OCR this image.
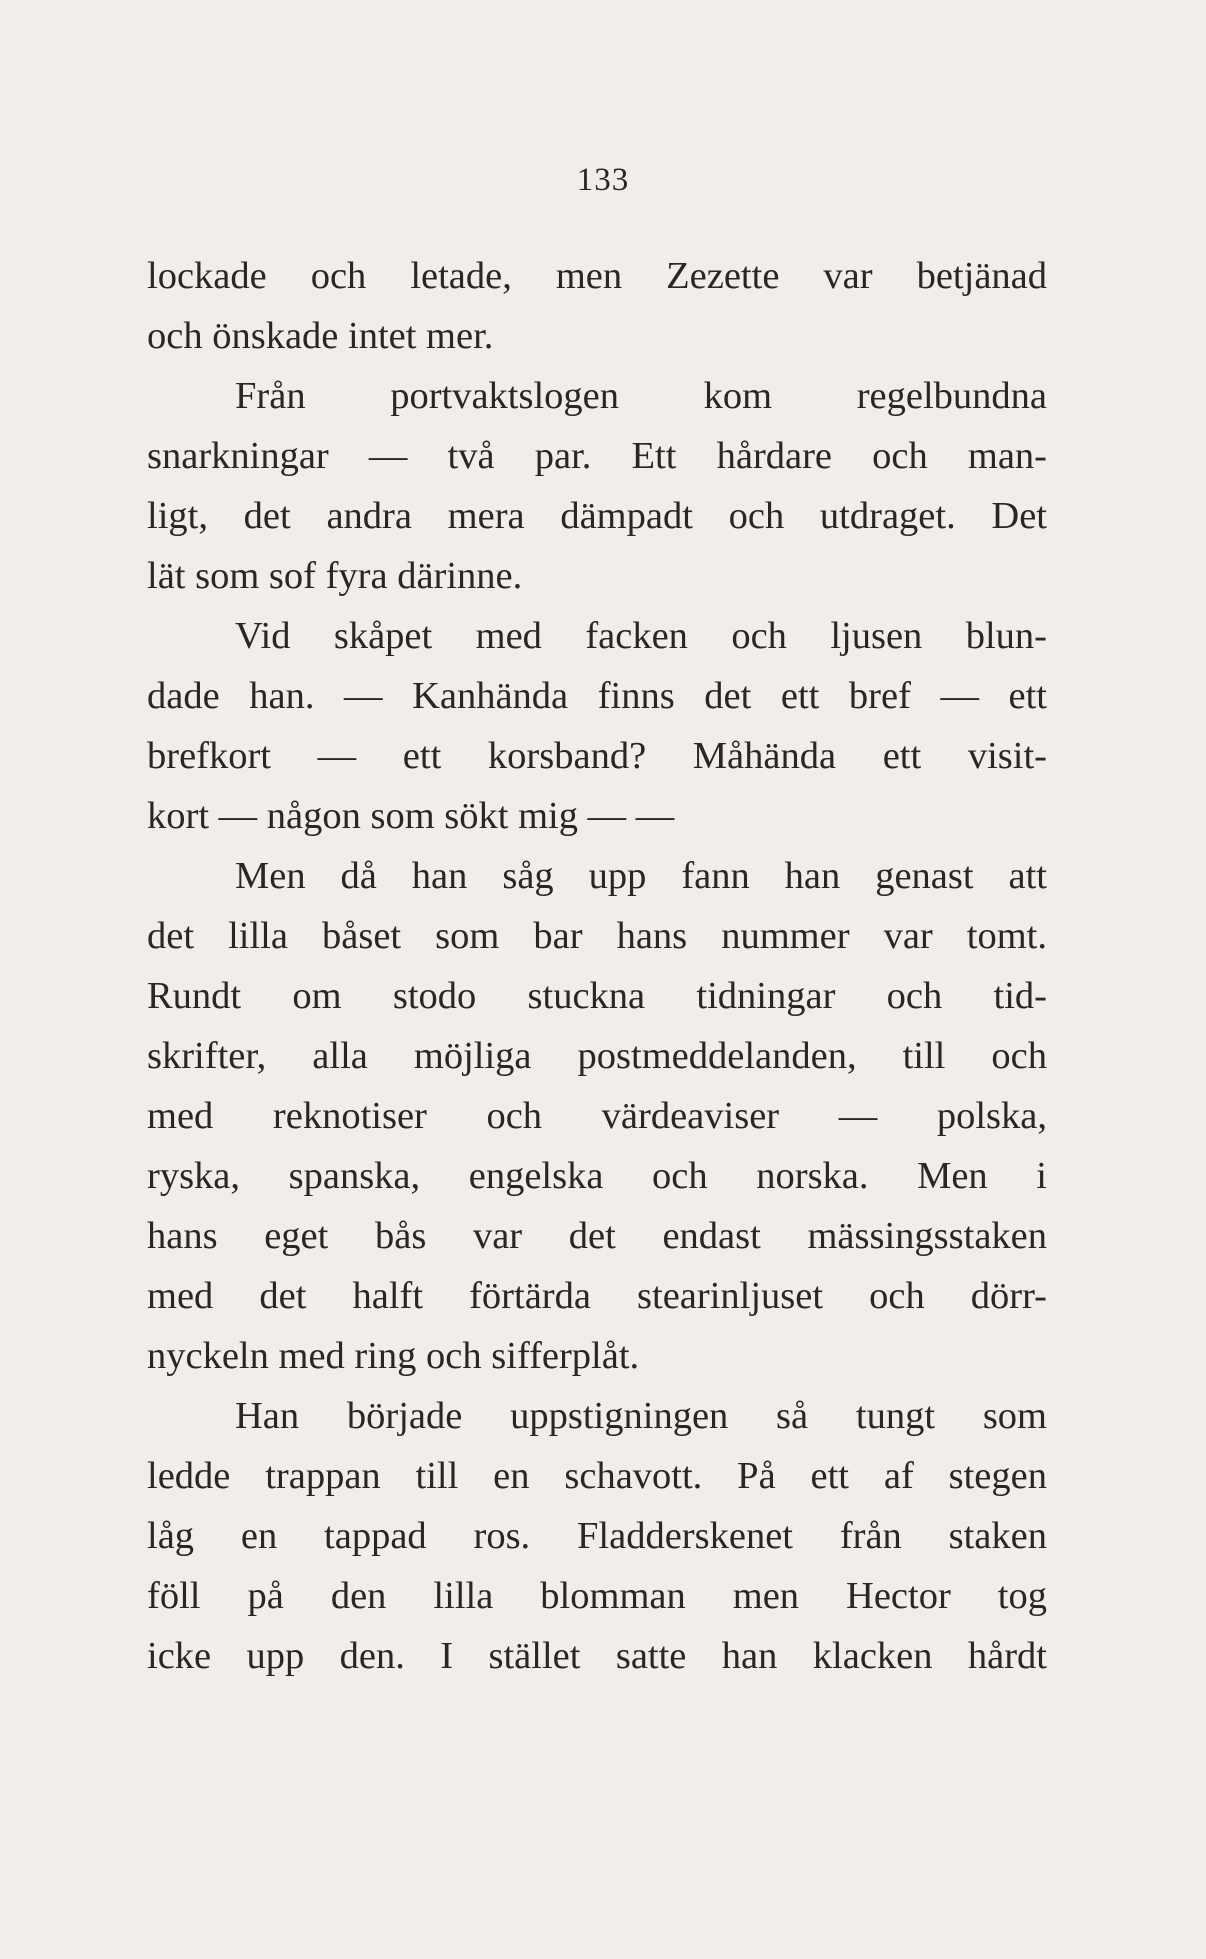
133
lockade och letade, men Zezette var betjänad
och önskade intet mer.
Från portvaktslogen kom regelbundna
snarkningar — två par. Ett hårdare och man-
ligt, det andra mera dämpadt och utdraget. Det
lät som sof fyra därinne.
Vid skåpet med facken och ljusen blun-
dade han. — Kanhända finns det ett bref — ett
brefkort — ett korsband? Måhända ett visit-
kort — någon som sökt mig — —
Men då han såg upp fann han genast att
det lilla båset som bar hans nummer var tomt.
Rundt om stodo stuckna tidningar och tid-
skrifter, alla möjliga postmeddelanden, till och
med reknotiser och värdeaviser — polska,
ryska, spanska, engelska och norska. Men i
hans eget bås var det endast mässingsstaken
med det halft förtärda stearinljuset och dörr-
nyckeln med ring och sifferplåt.
Han började uppstigningen så tungt som
ledde trappan till en schavott. På ett af stegen
låg en tappad ros. Fladderskenet från staken
föll på den lilla blomman men Hector tog
icke upp den. I stället satte han klacken hårdt
